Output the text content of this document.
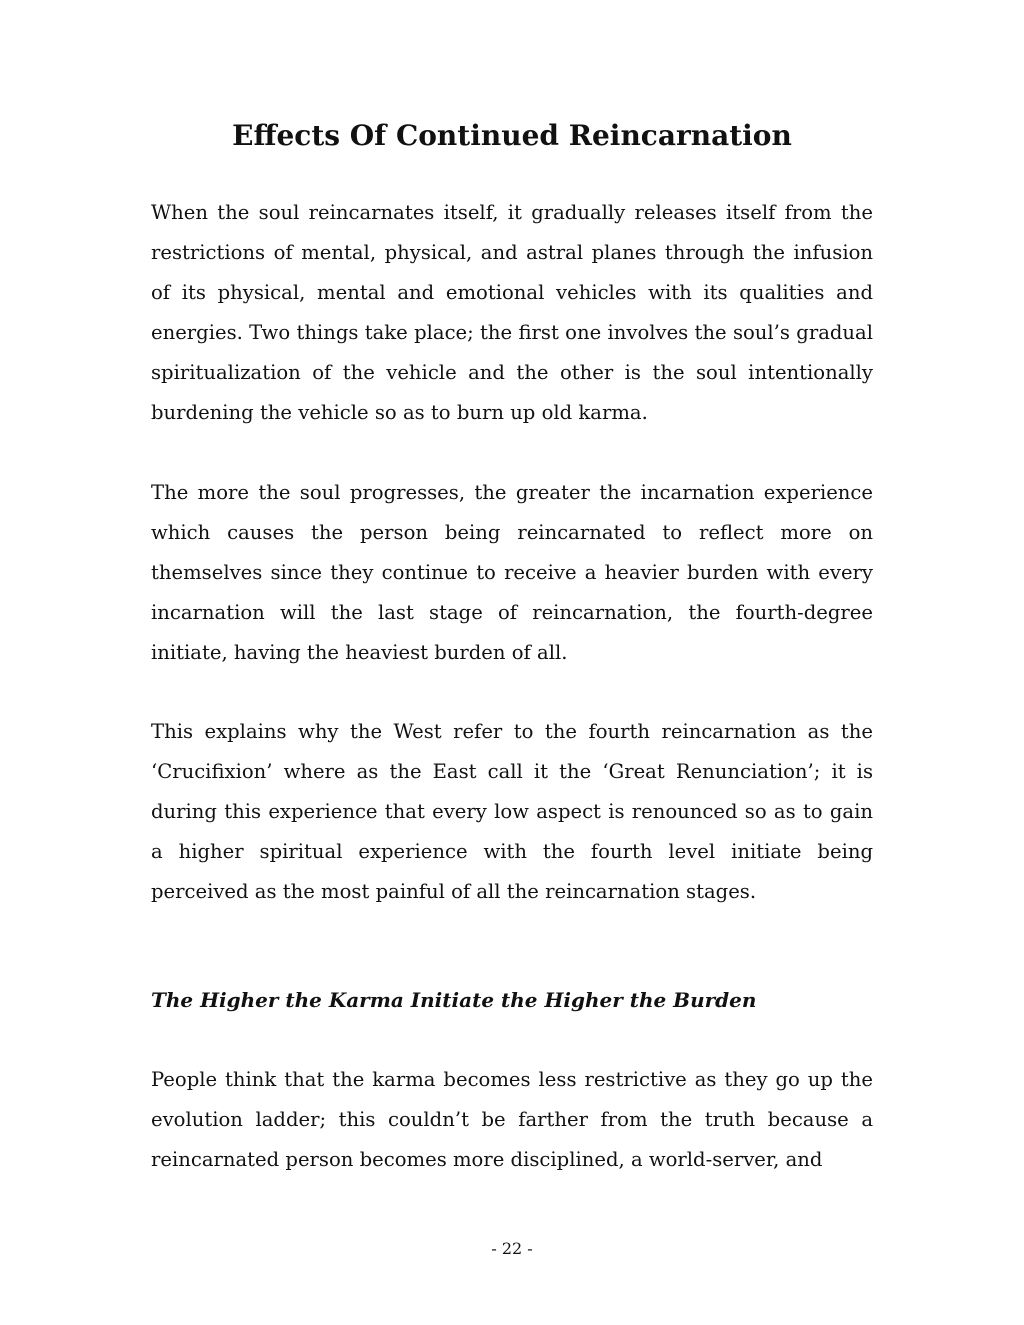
Effects Of Continued Reincarnation

When the soul reincarnates itself, it gradually releases itself from the restrictions of mental, physical, and astral planes through the infusion of its physical, mental and emotional vehicles with its qualities and energies. Two things take place; the first one involves the soul’s gradual spiritualization of the vehicle and the other is the soul intentionally burdening the vehicle so as to burn up old karma.

The more the soul progresses, the greater the incarnation experience which causes the person being reincarnated to reflect more on themselves since they continue to receive a heavier burden with every incarnation will the last stage of reincarnation, the fourth-degree initiate, having the heaviest burden of all.

This explains why the West refer to the fourth reincarnation as the ‘Crucifixion’ where as the East call it the ‘Great Renunciation’; it is during this experience that every low aspect is renounced so as to gain a higher spiritual experience with the fourth level initiate being perceived as the most painful of all the reincarnation stages.

The Higher the Karma Initiate the Higher the Burden

People think that the karma becomes less restrictive as they go up the evolution ladder; this couldn’t be farther from the truth because a reincarnated person becomes more disciplined, a world-server, and

- 22 -
